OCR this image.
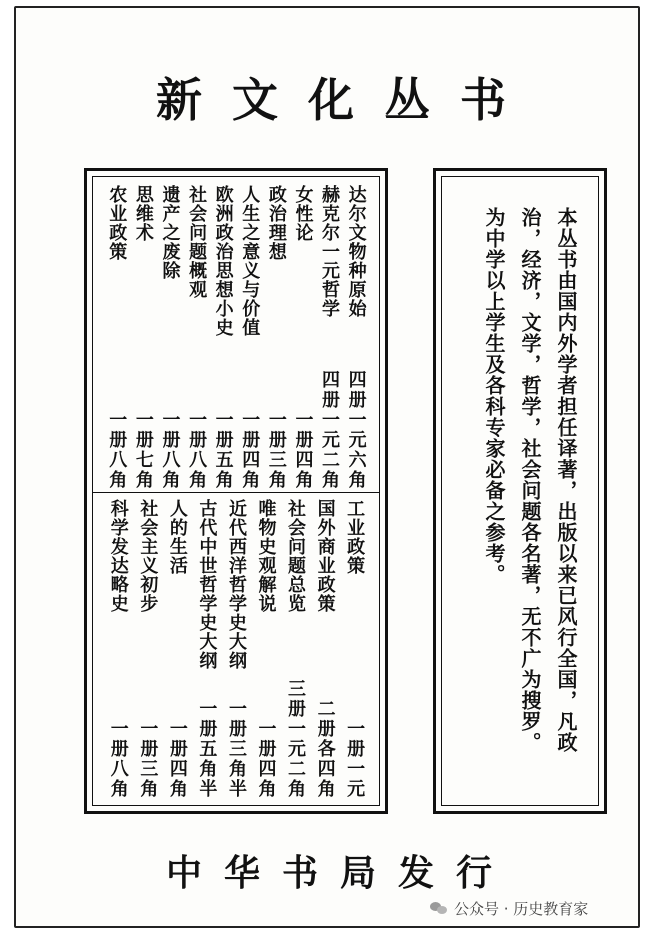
新文化丛书
达尔文物种原始
四册一元六角
赫克尔一元哲学
四册一元二角
女性论
一册四角
政治理想
一册三角
人生之意义与价值
一册四角
欧洲政治思想小史
一册五角
社会问题概观
一册八角
遗产之废除
一册八角
思维术
一册七角
农业政策
一册八角
工业政策
一册一元
国外商业政策
二册各四角
社会问题总览
三册一元二角
唯物史观解说
一册四角
近代西洋哲学史大纲
一册三角半
古代中世哲学史大纲
一册五角半
人的生活
一册四角
社会主义初步
一册三角
科学发达略史
一册八角
本丛书由国内外学者担任译著，出版以来已风行全国，凡政治，经济，文学，哲学，社会问题各名著，无不广为搜罗。为中学以上学生及各科专家必备之参考。
中华书局发行
公众号 · 历史教育家
